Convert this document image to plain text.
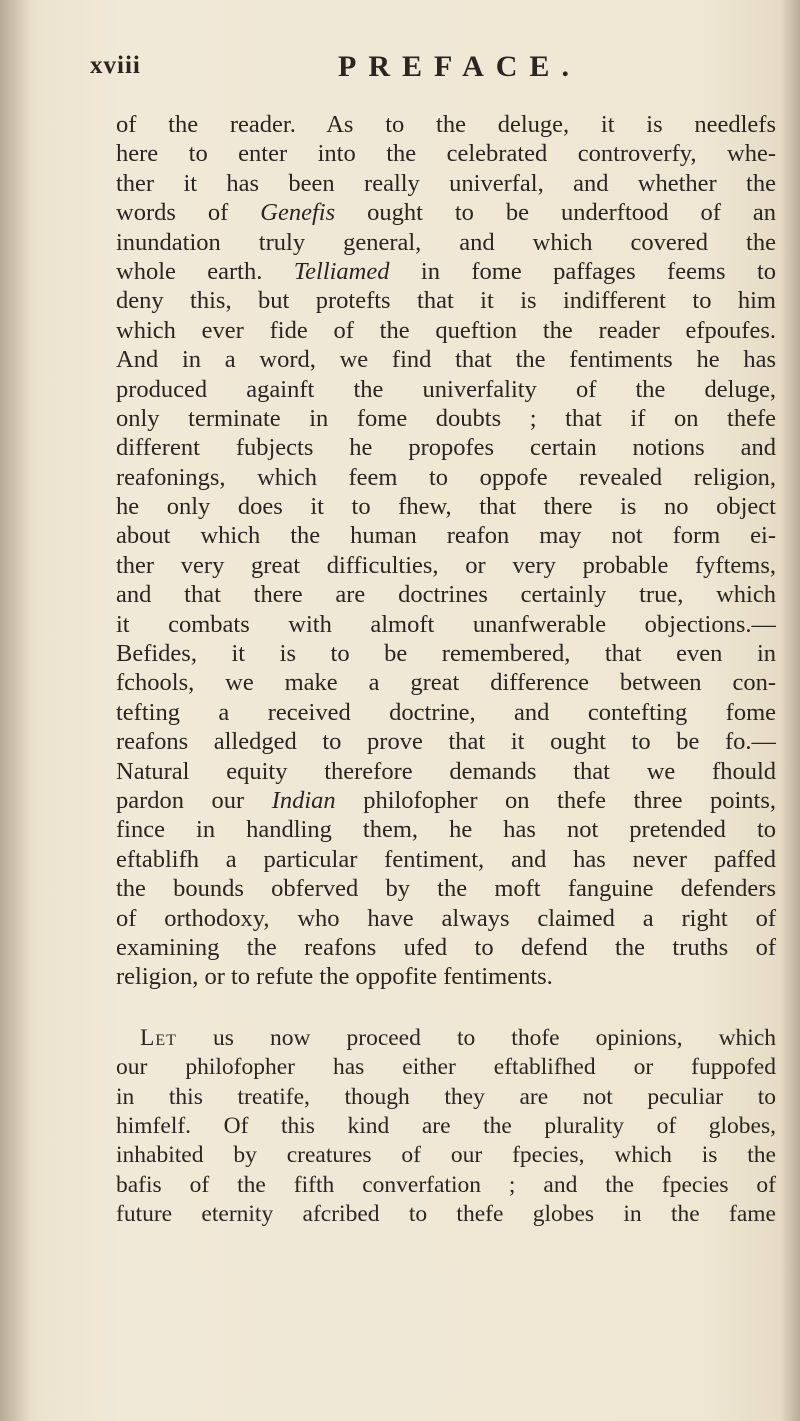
xviii	PREFACE.
of the reader. As to the deluge, it is needlefs
here to enter into the celebrated controverfy, whe-
ther it has been really univerfal, and whether the
words of Genefis ought to be underftood of an
inundation truly general, and which covered the
whole earth. Telliamed in fome paffages feems to
deny this, but protefts that it is indifferent to him
which ever fide of the queftion the reader efpoufes.
And in a word, we find that the fentiments he has
produced againft the univerfality of the deluge,
only terminate in fome doubts ; that if on thefe
different fubjects he propofes certain notions and
reafonings, which feem to oppofe revealed religion,
he only does it to fhew, that there is no object
about which the human reafon may not form ei-
ther very great difficulties, or very probable fyftems,
and that there are doctrines certainly true, which
it combats with almoft unanfwerable objections.—
Befides, it is to be remembered, that even in
fchools, we make a great difference between con-
tefting a received doctrine, and contefting fome
reafons alledged to prove that it ought to be fo.—
Natural equity therefore demands that we fhould
pardon our Indian philofopher on thefe three points,
fince in handling them, he has not pretended to
eftablifh a particular fentiment, and has never paffed
the bounds obferved by the moft fanguine defenders
of orthodoxy, who have always claimed a right of
examining the reafons ufed to defend the truths of
religion, or to refute the oppofite fentiments.
Let us now proceed to thofe opinions, which
our philofopher has either eftablifhed or fuppofed
in this treatife, though they are not peculiar to
himfelf. Of this kind are the plurality of globes,
inhabited by creatures of our fpecies, which is the
bafis of the fifth converfation ; and the fpecies of
future eternity afcribed to thefe globes in the fame
